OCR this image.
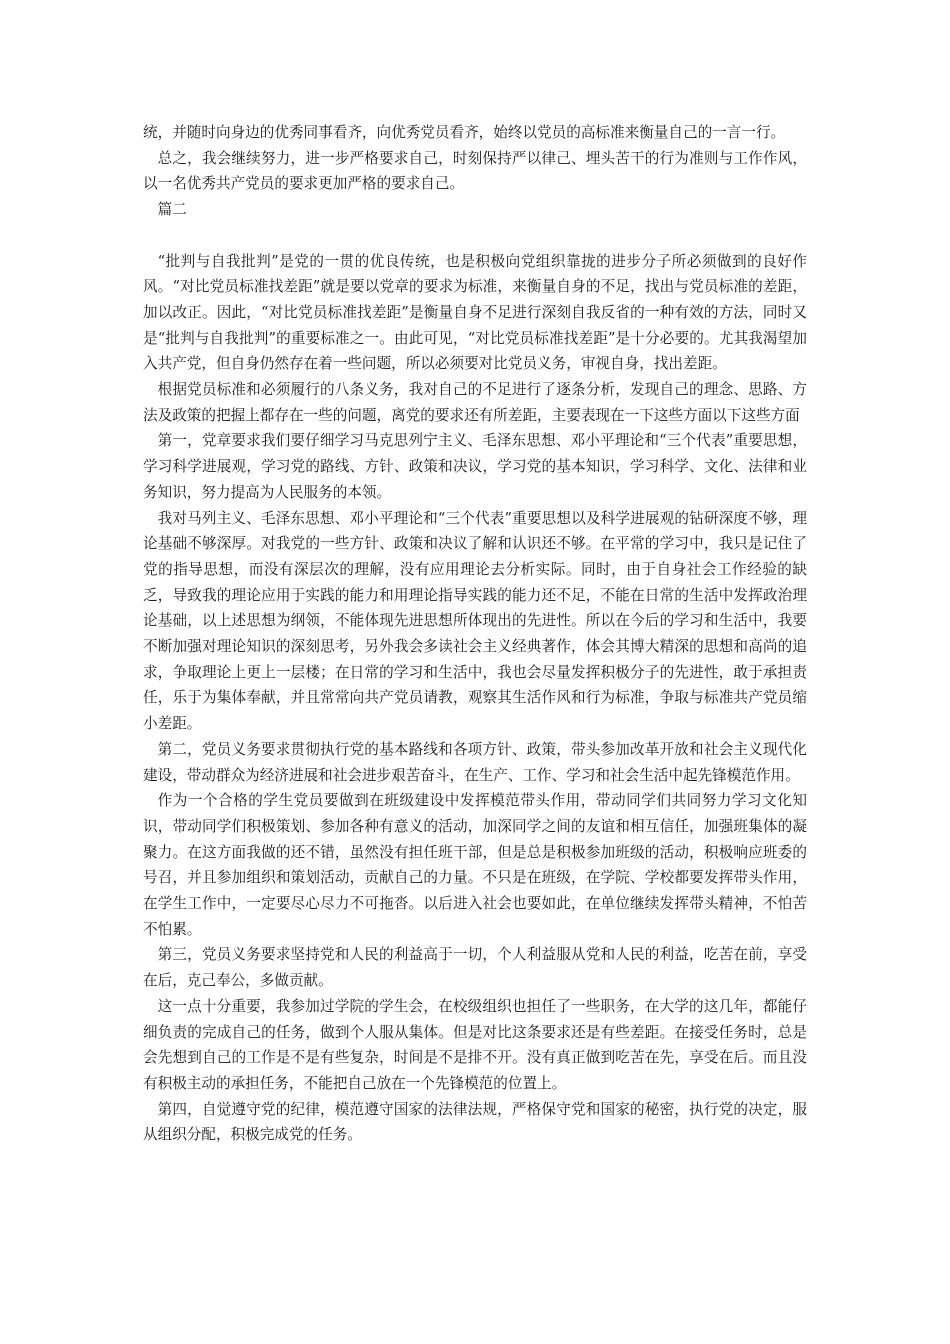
统，并随时向身边的优秀同事看齐，向优秀党员看齐，始终以党员的高标准来衡量自己的一言一行。

总之，我会继续努力，进一步严格要求自己，时刻保持严以律己、埋头苦干的行为准则与工作作风，以一名优秀共产党员的要求更加严格的要求自己。

篇二

“批判与自我批判”是党的一贯的优良传统，也是积极向党组织靠拢的进步分子所必须做到的良好作风。“对比党员标准找差距”就是要以党章的要求为标准，来衡量自身的不足，找出与党员标准的差距，加以改正。因此，“对比党员标准找差距”是衡量自身不足进行深刻自我反省的一种有效的方法，同时又是“批判与自我批判”的重要标准之一。由此可见，“对比党员标准找差距”是十分必要的。尤其我渴望加入共产党，但自身仍然存在着一些问题，所以必须要对比党员义务，审视自身，找出差距。

根据党员标准和必须履行的八条义务，我对自己的不足进行了逐条分析，发现自己的理念、思路、方法及政策的把握上都存在一些的问题，离党的要求还有所差距，主要表现在一下这些方面以下这些方面

第一，党章要求我们要仔细学习马克思列宁主义、毛泽东思想、邓小平理论和“三个代表”重要思想，学习科学进展观，学习党的路线、方针、政策和决议，学习党的基本知识，学习科学、文化、法律和业务知识，努力提高为人民服务的本领。

我对马列主义、毛泽东思想、邓小平理论和“三个代表”重要思想以及科学进展观的钻研深度不够，理论基础不够深厚。对我党的一些方针、政策和决议了解和认识还不够。在平常的学习中，我只是记住了党的指导思想，而没有深层次的理解，没有应用理论去分析实际。同时，由于自身社会工作经验的缺乏，导致我的理论应用于实践的能力和用理论指导实践的能力还不足，不能在日常的生活中发挥政治理论基础，以上述思想为纲领，不能体现先进思想所体现出的先进性。所以在今后的学习和生活中，我要不断加强对理论知识的深刻思考，另外我会多读社会主义经典著作，体会其博大精深的思想和高尚的追求，争取理论上更上一层楼；在日常的学习和生活中，我也会尽量发挥积极分子的先进性，敢于承担责任，乐于为集体奉献，并且常常向共产党员请教，观察其生活作风和行为标准，争取与标准共产党员缩小差距。

第二，党员义务要求贯彻执行党的基本路线和各项方针、政策，带头参加改革开放和社会主义现代化建设，带动群众为经济进展和社会进步艰苦奋斗，在生产、工作、学习和社会生活中起先锋模范作用。

作为一个合格的学生党员要做到在班级建设中发挥模范带头作用，带动同学们共同努力学习文化知识，带动同学们积极策划、参加各种有意义的活动，加深同学之间的友谊和相互信任，加强班集体的凝聚力。在这方面我做的还不错，虽然没有担任班干部，但是总是积极参加班级的活动，积极响应班委的号召，并且参加组织和策划活动，贡献自己的力量。不只是在班级，在学院、学校都要发挥带头作用，在学生工作中，一定要尽心尽力不可拖沓。以后进入社会也要如此，在单位继续发挥带头精神，不怕苦不怕累。

第三，党员义务要求坚持党和人民的利益高于一切，个人利益服从党和人民的利益，吃苦在前，享受在后，克己奉公，多做贡献。

这一点十分重要，我参加过学院的学生会，在校级组织也担任了一些职务，在大学的这几年，都能仔细负责的完成自己的任务，做到个人服从集体。但是对比这条要求还是有些差距。在接受任务时，总是会先想到自己的工作是不是有些复杂，时间是不是排不开。没有真正做到吃苦在先，享受在后。而且没有积极主动的承担任务，不能把自己放在一个先锋模范的位置上。

第四，自觉遵守党的纪律，模范遵守国家的法律法规，严格保守党和国家的秘密，执行党的决定，服从组织分配，积极完成党的任务。
